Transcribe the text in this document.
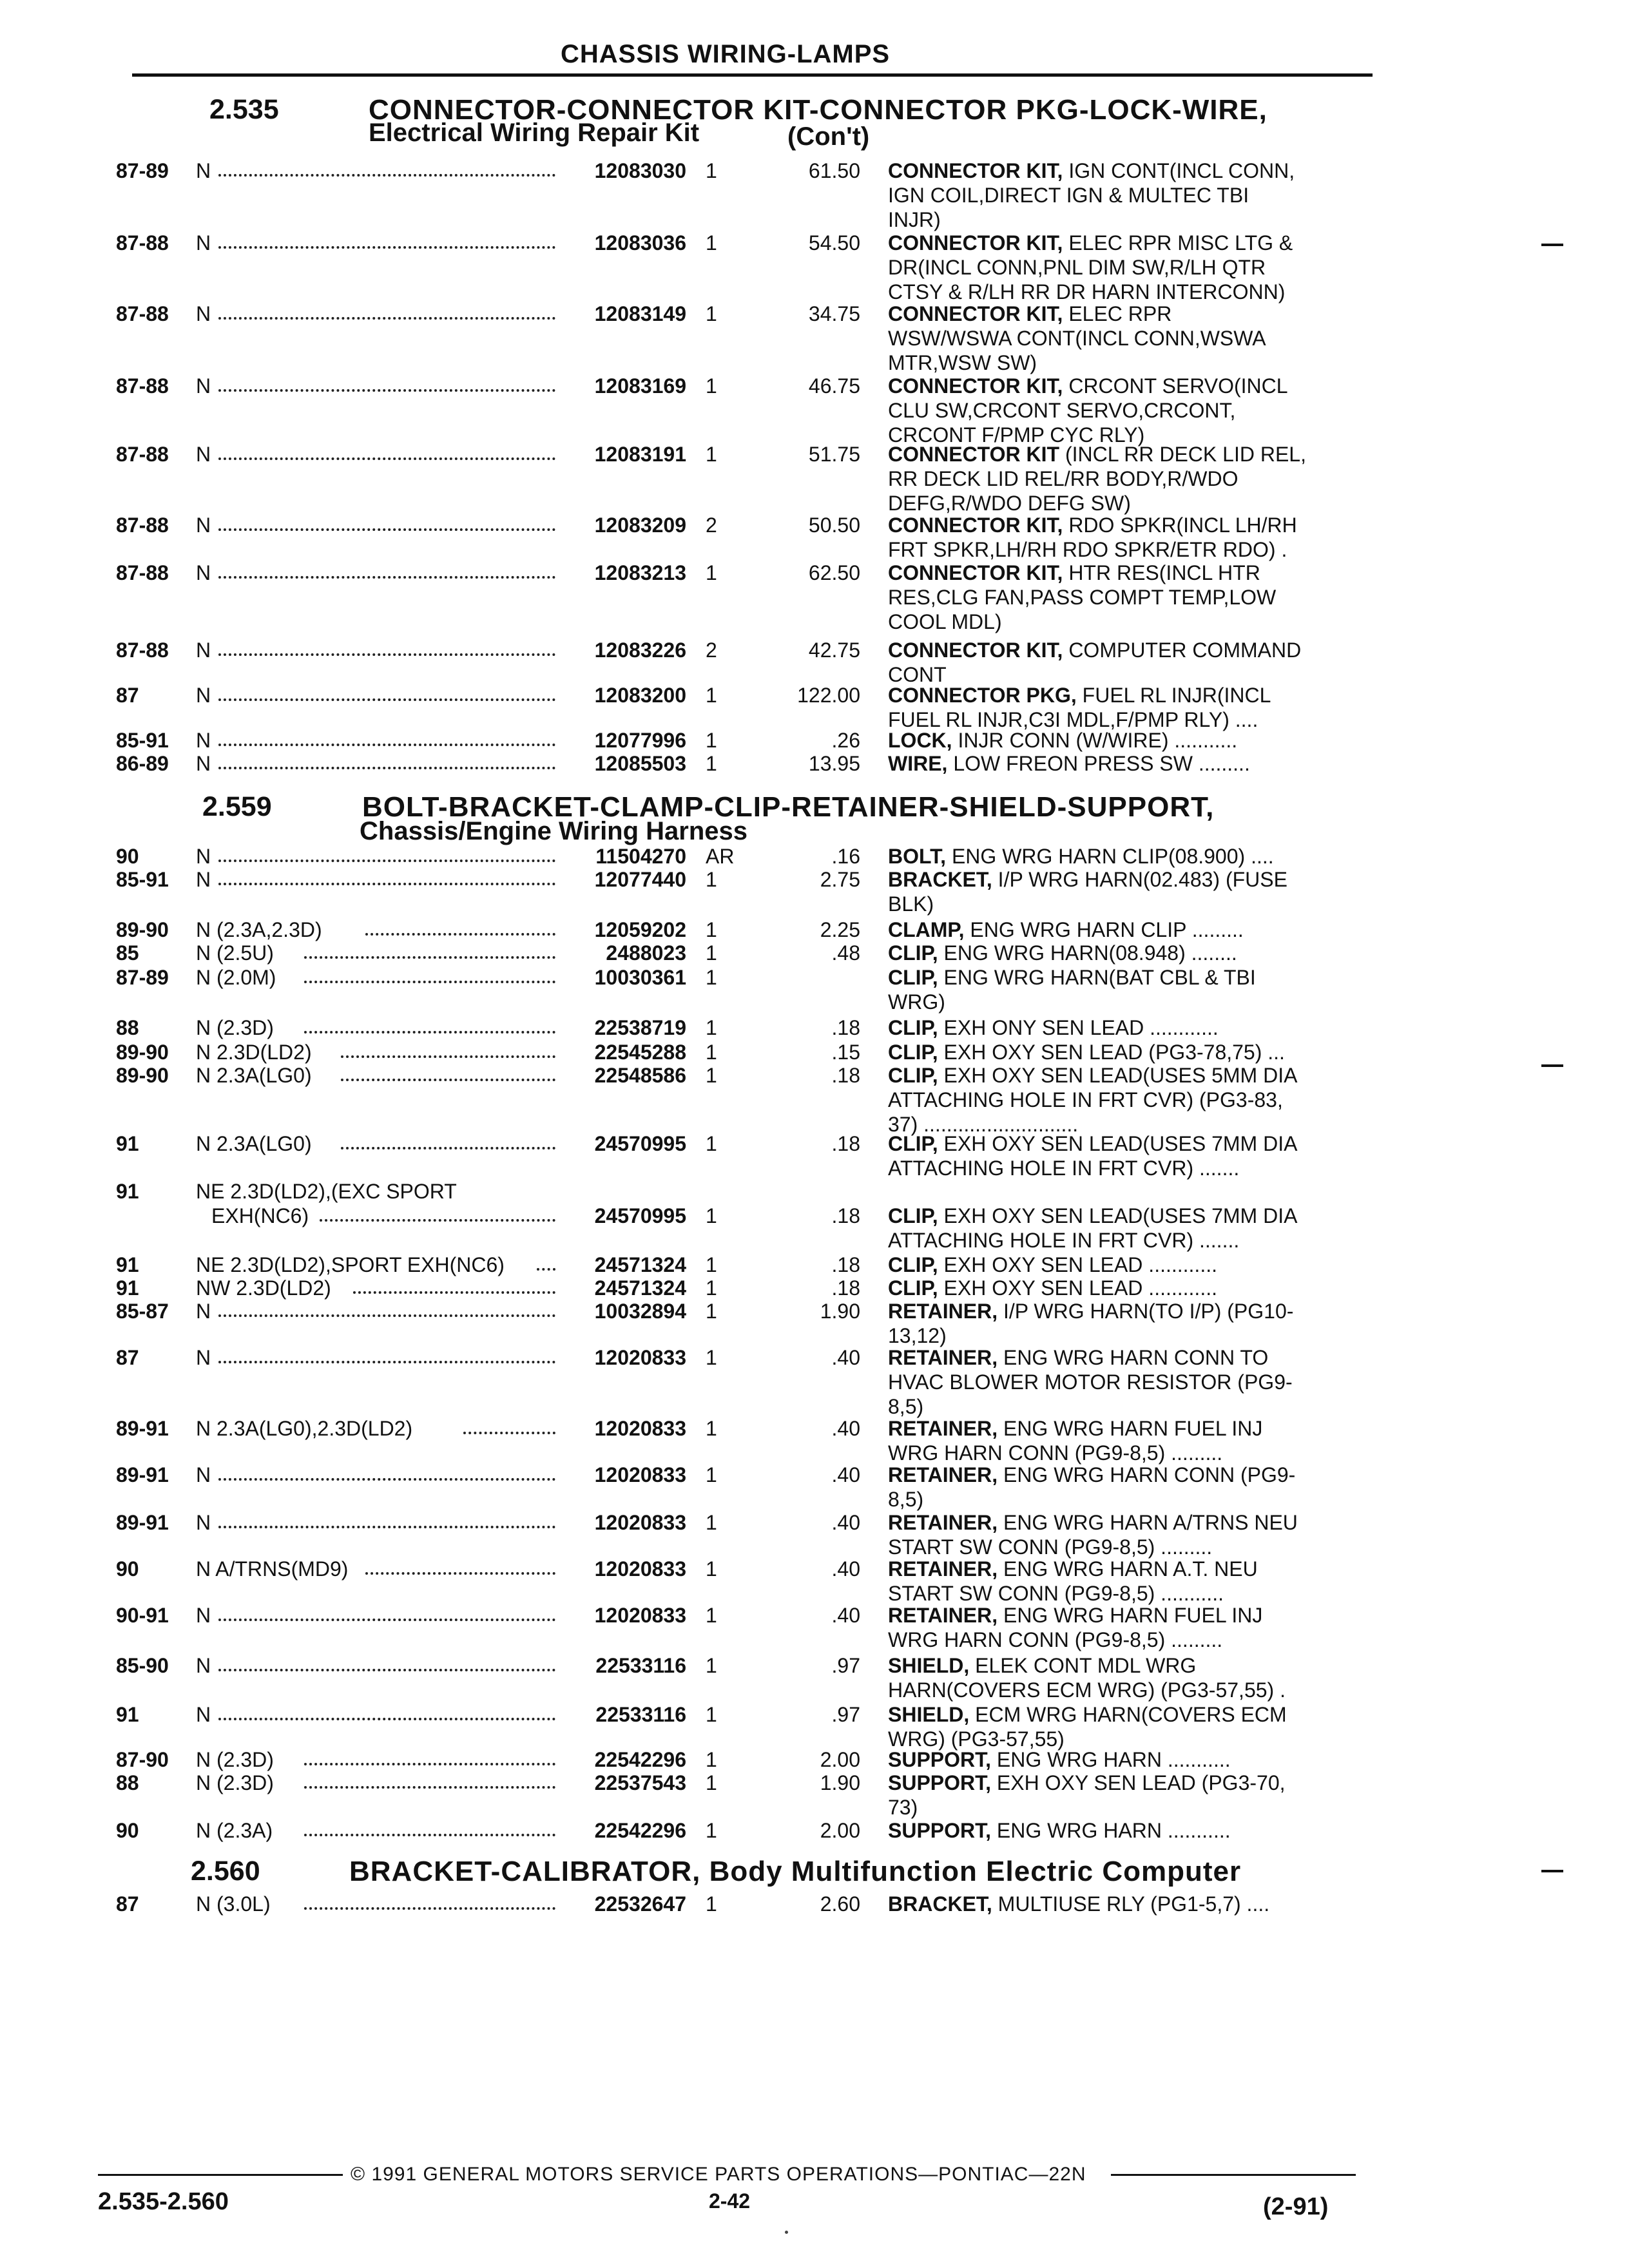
CHASSIS WIRING-LAMPS
2.535	CONNECTOR-CONNECTOR KIT-CONNECTOR PKG-LOCK-WIRE,
Electrical Wiring Repair Kit	(Con't)
2.559	BOLT-BRACKET-CLAMP-CLIP-RETAINER-SHIELD-SUPPORT,
Chassis/Engine Wiring Harness
2.560	BRACKET-CALIBRATOR, Body Multifunction Electric Computer
87-89 N	12083030 1	61.50 CONNECTOR KIT, IGN CONT(INCL CONN,
IGN COIL,DIRECT IGN & MULTEC TBI
INJR)
87-88 N	12083036 1	54.50 CONNECTOR KIT, ELEC RPR MISC LTG &
DR(INCL CONN,PNL DIM SW,R/LH QTR
CTSY & R/LH RR DR HARN INTERCONN)
87-88 N	12083149 1	34.75 CONNECTOR KIT, ELEC RPR
WSW/WSWA CONT(INCL CONN,WSWA
MTR,WSW SW)
87-88 N	12083169 1	46.75 CONNECTOR KIT, CRCONT SERVO(INCL
CLU SW,CRCONT SERVO,CRCONT,
CRCONT F/PMP CYC RLY)
87-88 N	12083191 1	51.75 CONNECTOR KIT (INCL RR DECK LID REL,
RR DECK LID REL/RR BODY,R/WDO
DEFG,R/WDO DEFG SW)
87-88 N	12083209 2	50.50 CONNECTOR KIT, RDO SPKR(INCL LH/RH
FRT SPKR,LH/RH RDO SPKR/ETR RDO) .
87-88 N	12083213 1	62.50 CONNECTOR KIT, HTR RES(INCL HTR
RES,CLG FAN,PASS COMPT TEMP,LOW
COOL MDL)
87-88 N	12083226 2	42.75 CONNECTOR KIT, COMPUTER COMMAND
CONT
87	N	12083200 1	122.00 CONNECTOR PKG, FUEL RL INJR(INCL
FUEL RL INJR,C3I MDL,F/PMP RLY) ....
85-91 N	12077996 1	.26 LOCK, INJR CONN (W/WIRE) ...........
86-89 N	12085503 1	13.95 WIRE, LOW FREON PRESS SW .........
90	N	11504270 AR	.16 BOLT, ENG WRG HARN CLIP(08.900) ....
85-91 N	12077440 1	2.75 BRACKET, I/P WRG HARN(02.483) (FUSE
BLK)
89-90 N (2.3A,2.3D)	12059202 1	2.25 CLAMP, ENG WRG HARN CLIP .........
85	N (2.5U)	2488023 1	.48 CLIP, ENG WRG HARN(08.948) ........
87-89 N (2.0M)	10030361 1	CLIP, ENG WRG HARN(BAT CBL & TBI
WRG)
88	N (2.3D)	22538719 1	.18 CLIP, EXH ONY SEN LEAD ............
89-90 N 2.3D(LD2)	22545288 1	.15 CLIP, EXH OXY SEN LEAD (PG3-78,75) ...
89-90 N 2.3A(LG0)	22548586 1	.18 CLIP, EXH OXY SEN LEAD(USES 5MM DIA
ATTACHING HOLE IN FRT CVR) (PG3-83,
37) ...........................
91	N 2.3A(LG0)	24570995 1	.18 CLIP, EXH OXY SEN LEAD(USES 7MM DIA
ATTACHING HOLE IN FRT CVR) .......
91	NE 2.3D(LD2),(EXC SPORT
EXH(NC6)	24570995 1	.18 CLIP, EXH OXY SEN LEAD(USES 7MM DIA
ATTACHING HOLE IN FRT CVR) .......
91	NE 2.3D(LD2),SPORT EXH(NC6)	24571324 1	.18 CLIP, EXH OXY SEN LEAD ............
91	NW 2.3D(LD2)	24571324 1	.18 CLIP, EXH OXY SEN LEAD ............
85-87 N	10032894 1	1.90 RETAINER, I/P WRG HARN(TO I/P) (PG10-
13,12)
87	N	12020833 1	.40 RETAINER, ENG WRG HARN CONN TO
HVAC BLOWER MOTOR RESISTOR (PG9-
8,5)
89-91 N 2.3A(LG0),2.3D(LD2)	12020833 1	.40 RETAINER, ENG WRG HARN FUEL INJ
WRG HARN CONN (PG9-8,5) .........
89-91 N	12020833 1	.40 RETAINER, ENG WRG HARN CONN (PG9-
8,5)
89-91 N	12020833 1	.40 RETAINER, ENG WRG HARN A/TRNS NEU
START SW CONN (PG9-8,5) .........
90	N A/TRNS(MD9)	12020833 1	.40 RETAINER, ENG WRG HARN A.T. NEU
START SW CONN (PG9-8,5) ...........
90-91 N	12020833 1	.40 RETAINER, ENG WRG HARN FUEL INJ
WRG HARN CONN (PG9-8,5) .........
85-90 N	22533116 1	.97 SHIELD, ELEK CONT MDL WRG
HARN(COVERS ECM WRG) (PG3-57,55) .
91	N	22533116 1	.97 SHIELD, ECM WRG HARN(COVERS ECM
WRG) (PG3-57,55)
87-90 N (2.3D)	22542296 1	2.00 SUPPORT, ENG WRG HARN ...........
88	N (2.3D)	22537543 1	1.90 SUPPORT, EXH OXY SEN LEAD (PG3-70,
73)
90	N (2.3A)	22542296 1	2.00 SUPPORT, ENG WRG HARN ...........
87	N (3.0L)	22532647 1	2.60 BRACKET, MULTIUSE RLY (PG1-5,7) ....
© 1991 GENERAL MOTORS SERVICE PARTS OPERATIONS—PONTIAC—22N
2.535-2.560	2-42	(2-91)
